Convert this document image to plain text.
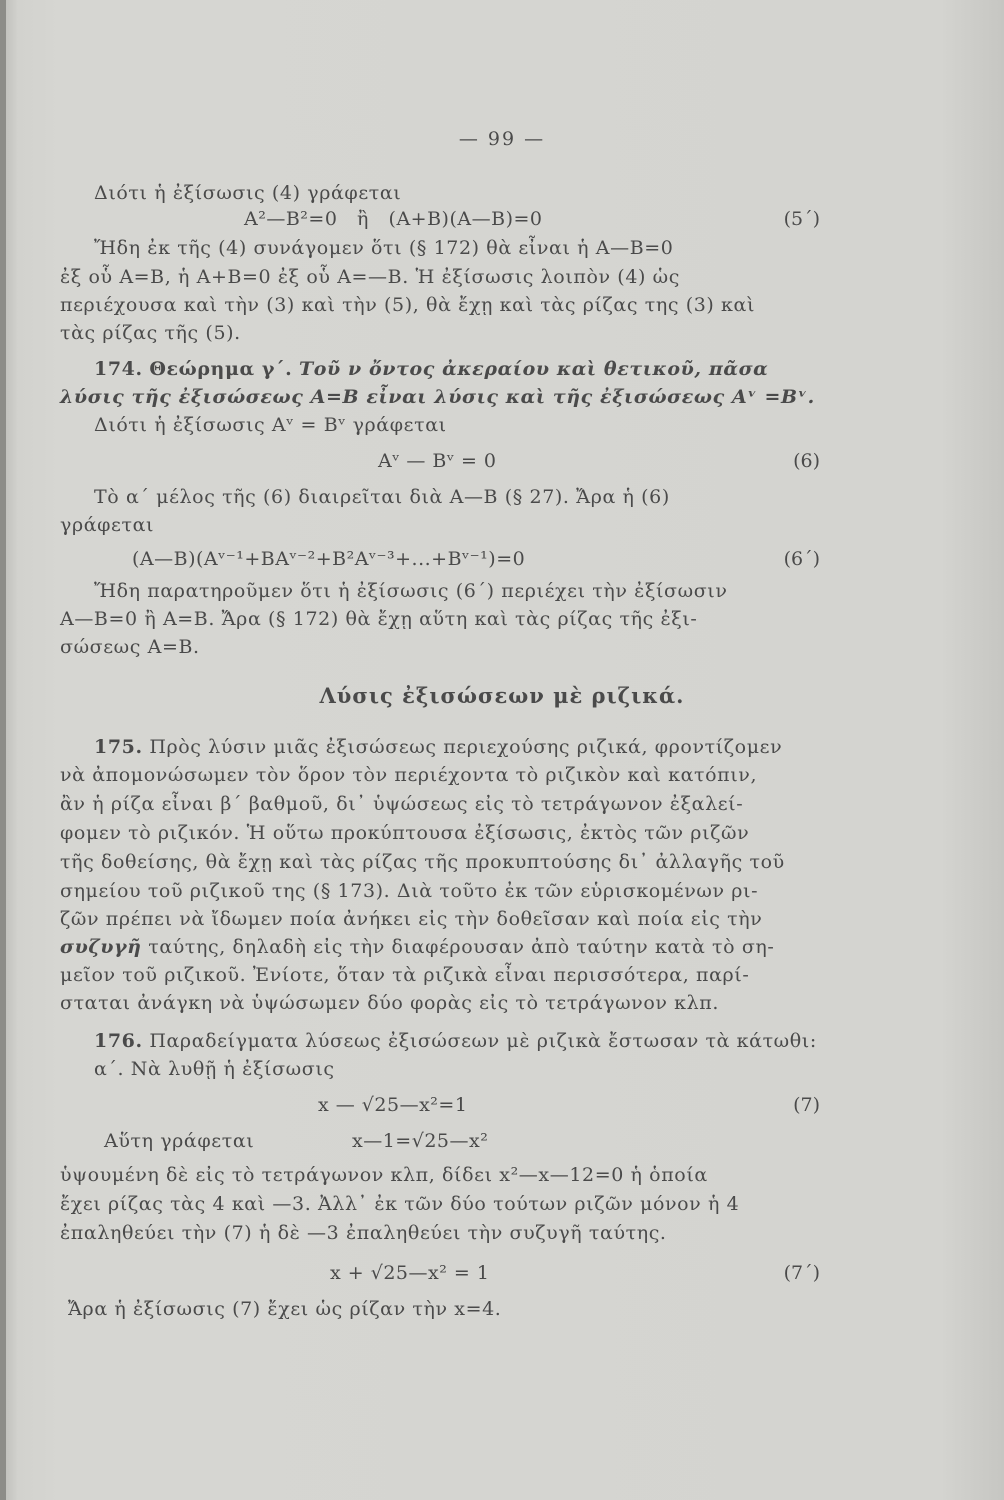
— 99 —
Διότι ἡ ἐξίσωσις (4) γράφεται
A²—B²=0   ἢ   (A+B)(A—B)=0	(5΄)
Ἤδη ἐκ τῆς (4) συνάγομεν ὅτι (§ 172) θὰ εἶναι ἡ A—B=0
ἐξ οὗ A=B, ἡ A+B=0 ἐξ οὗ A=—B. Ἡ ἐξίσωσις λοιπὸν (4) ὡς
περιέχουσα καὶ τὴν (3) καὶ τὴν (5), θὰ ἔχῃ καὶ τὰς ρίζας της (3) καὶ
τὰς ρίζας τῆς (5).
174. Θεώρημα γ΄. Τοῦ ν ὄντος ἀκεραίου καὶ θετικοῦ, πᾶσα
λύσις τῆς ἐξισώσεως A=B εἶναι λύσις καὶ τῆς ἐξισώσεως Aᵛ =Bᵛ.
Διότι ἡ ἐξίσωσις Aᵛ = Bᵛ γράφεται
Aᵛ — Bᵛ = 0	(6)
Τὸ α΄ μέλος τῆς (6) διαιρεῖται διὰ A—B (§ 27). Ἄρα ἡ (6)
γράφεται
(A—B)(Aᵛ⁻¹+BAᵛ⁻²+B²Aᵛ⁻³+...+Bᵛ⁻¹)=0	(6΄)
Ἤδη παρατηροῦμεν ὅτι ἡ ἐξίσωσις (6΄) περιέχει τὴν ἐξίσωσιν
A—B=0 ἢ A=B. Ἄρα (§ 172) θὰ ἔχῃ αὕτη καὶ τὰς ρίζας τῆς ἐξι-
σώσεως A=B.
Λύσις ἐξισώσεων μὲ ριζικά.
175. Πρὸς λύσιν μιᾶς ἐξισώσεως περιεχούσης ριζικά, φροντίζομεν
νὰ ἀπομονώσωμεν τὸν ὅρον τὸν περιέχοντα τὸ ριζικὸν καὶ κατόπιν,
ἂν ἡ ρίζα εἶναι β΄ βαθμοῦ, δι᾽ ὑψώσεως εἰς τὸ τετράγωνον ἐξαλεί-
φομεν τὸ ριζικόν. Ἡ οὕτω προκύπτουσα ἐξίσωσις, ἐκτὸς τῶν ριζῶν
τῆς δοθείσης, θὰ ἔχῃ καὶ τὰς ρίζας τῆς προκυπτούσης δι᾽ ἀλλαγῆς τοῦ
σημείου τοῦ ριζικοῦ της (§ 173). Διὰ τοῦτο ἐκ τῶν εὑρισκομένων ρι-
ζῶν πρέπει νὰ ἴδωμεν ποία ἀνήκει εἰς τὴν δοθεῖσαν καὶ ποία εἰς τὴν
συζυγῆ ταύτης, δηλαδὴ εἰς τὴν διαφέρουσαν ἀπὸ ταύτην κατὰ τὸ ση-
μεῖον τοῦ ριζικοῦ. Ἐνίοτε, ὅταν τὰ ριζικὰ εἶναι περισσότερα, παρί-
σταται ἀνάγκη νὰ ὑψώσωμεν δύο φορὰς εἰς τὸ τετράγωνον κλπ.
176. Παραδείγματα λύσεως ἐξισώσεων μὲ ριζικὰ ἔστωσαν τὰ κάτωθι:
α΄. Νὰ λυθῇ ἡ ἐξίσωσις
x — √25—x²=1	(7)
Αὕτη γράφεται	x—1=√25—x²
ὑψουμένη δὲ εἰς τὸ τετράγωνον κλπ, δίδει x²—x—12=0 ἡ ὁποία
ἔχει ρίζας τὰς 4 καὶ —3. Ἀλλ᾽ ἐκ τῶν δύο τούτων ριζῶν μόνον ἡ 4
ἐπαληθεύει τὴν (7) ἡ δὲ —3 ἐπαληθεύει τὴν συζυγῆ ταύτης.
x + √25—x² = 1	(7΄)
Ἄρα ἡ ἐξίσωσις (7) ἔχει ὡς ρίζαν τὴν x=4.
